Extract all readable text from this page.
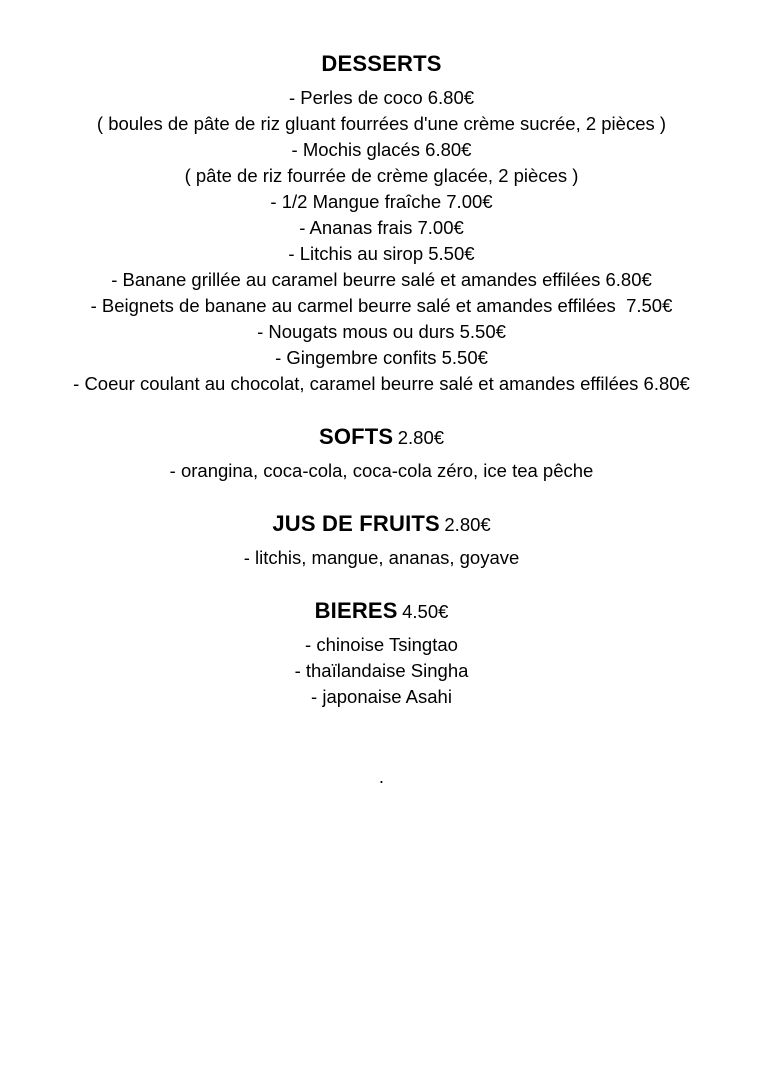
DESSERTS
- Perles de coco 6.80€
( boules de pâte de riz gluant fourrées d'une crème sucrée, 2 pièces )
- Mochis glacés 6.80€
( pâte de riz fourrée de crème glacée, 2 pièces )
- 1/2 Mangue fraîche 7.00€
- Ananas frais 7.00€
- Litchis au sirop 5.50€
- Banane grillée au caramel beurre salé et amandes effilées 6.80€
- Beignets de banane au carmel beurre salé et amandes effilées  7.50€
- Nougats mous ou durs 5.50€
- Gingembre confits 5.50€
- Coeur coulant au chocolat, caramel beurre salé et amandes effilées 6.80€
SOFTS 2.80€
- orangina, coca-cola, coca-cola zéro, ice tea pêche
JUS DE FRUITS 2.80€
- litchis, mangue, ananas, goyave
BIERES 4.50€
- chinoise Tsingtao
- thaïlandaise Singha
- japonaise Asahi
.
